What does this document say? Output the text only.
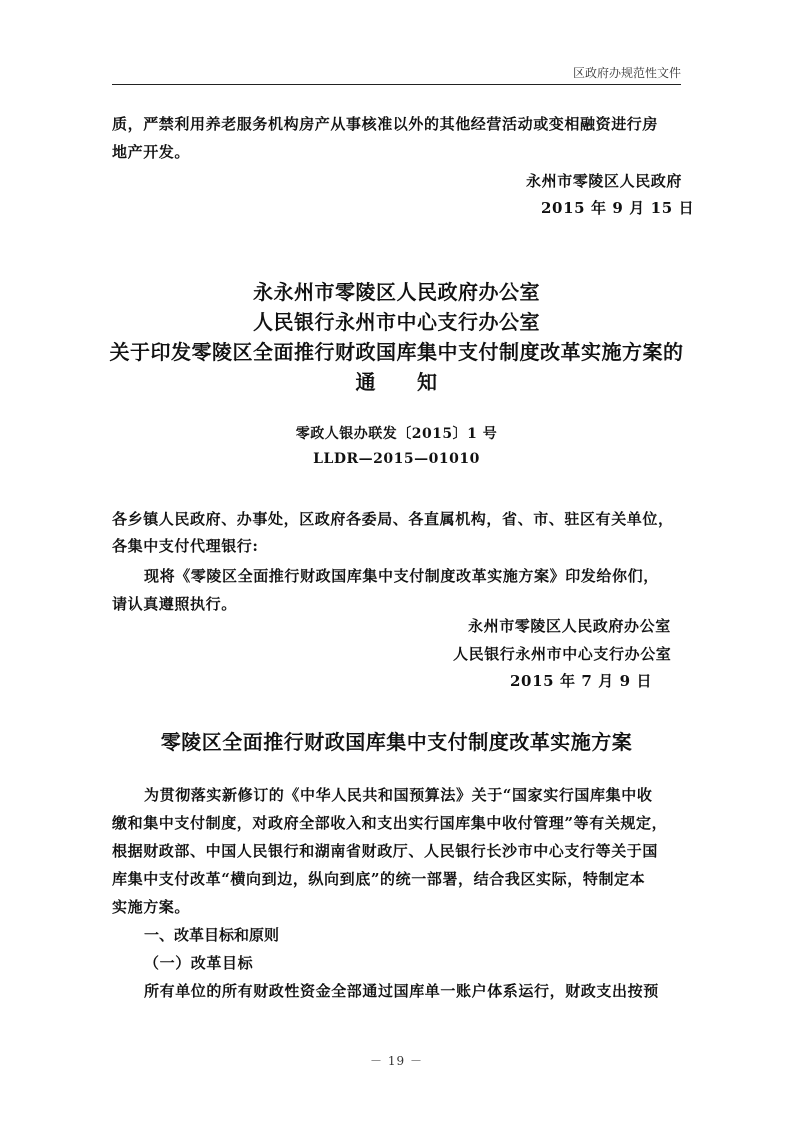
区政府办规范性文件
质，严禁利用养老服务机构房产从事核准以外的其他经营活动或变相融资进行房
地产开发。
永州市零陵区人民政府
2015 年 9 月 15 日
永永州市零陵区人民政府办公室
人民银行永州市中心支行办公室
关于印发零陵区全面推行财政国库集中支付制度改革实施方案的
通　　知
零政人银办联发〔2015〕1 号
LLDR—2015—01010
各乡镇人民政府、办事处，区政府各委局、各直属机构，省、市、驻区有关单位，
各集中支付代理银行:
现将《零陵区全面推行财政国库集中支付制度改革实施方案》印发给你们，
请认真遵照执行。
永州市零陵区人民政府办公室
人民银行永州市中心支行办公室
2015 年 7 月 9 日
零陵区全面推行财政国库集中支付制度改革实施方案
为贯彻落实新修订的《中华人民共和国预算法》关于“国家实行国库集中收
缴和集中支付制度，对政府全部收入和支出实行国库集中收付管理”等有关规定，
根据财政部、中国人民银行和湖南省财政厅、人民银行长沙市中心支行等关于国
库集中支付改革“横向到边，纵向到底”的统一部署，结合我区实际，特制定本
实施方案。
一、改革目标和原则
（一）改革目标
所有单位的所有财政性资金全部通过国库单一账户体系运行，财政支出按预
－ 19 －
